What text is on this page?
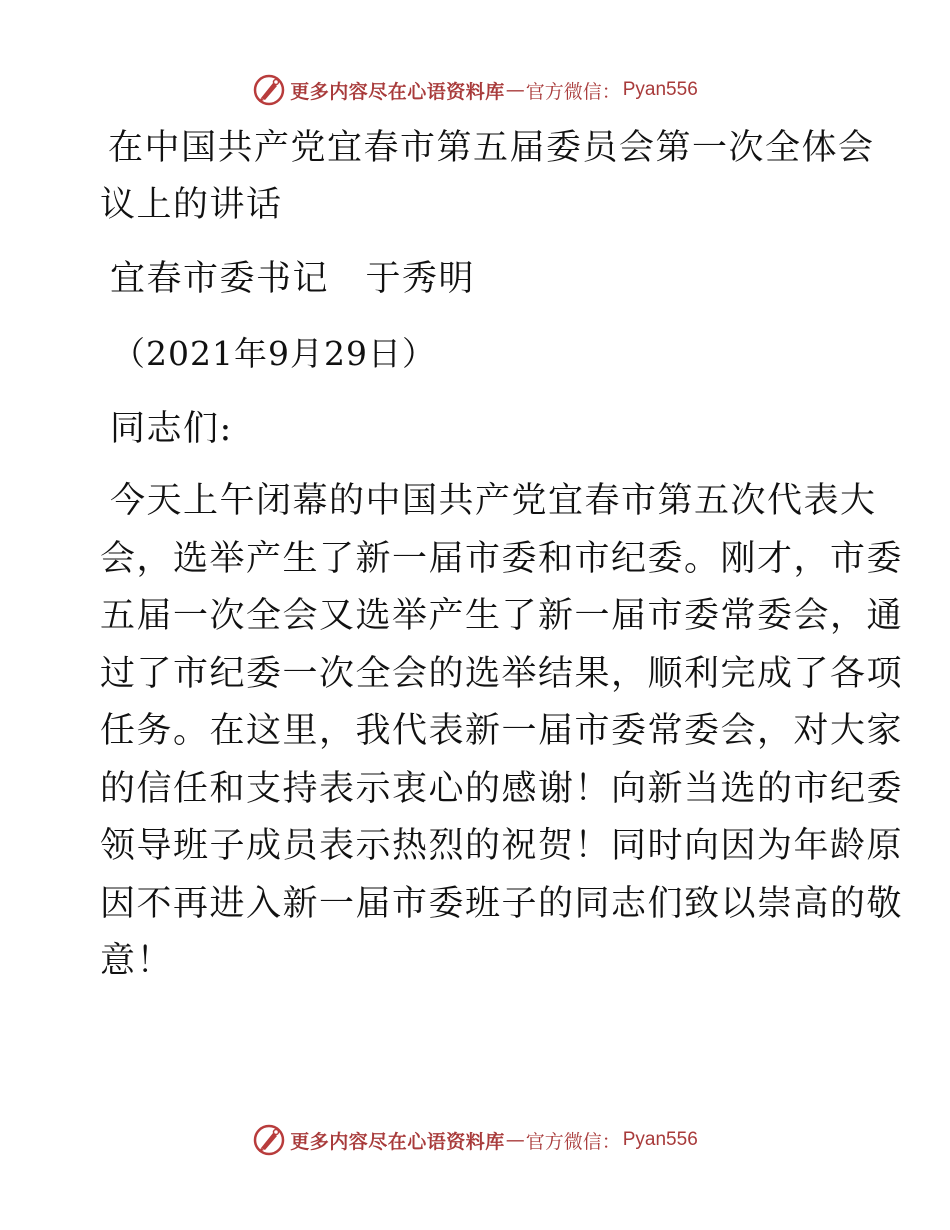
更多内容尽在心语资料库 — 官方微信： Pyan556
在中国共产党宜春市第五届委员会第一次全体会
议上的讲话
宜春市委书记　于秀明
（2021年9月29日）
同志们:
今天上午闭幕的中国共产党宜春市第五次代表大
会，选举产生了新一届市委和市纪委。刚才，市委
五届一次全会又选举产生了新一届市委常委会，通
过了市纪委一次全会的选举结果，顺利完成了各项
任务。在这里，我代表新一届市委常委会，对大家
的信任和支持表示衷心的感谢！向新当选的市纪委
领导班子成员表示热烈的祝贺！同时向因为年龄原
因不再进入新一届市委班子的同志们致以崇高的敬
意！
更多内容尽在心语资料库 — 官方微信： Pyan556
